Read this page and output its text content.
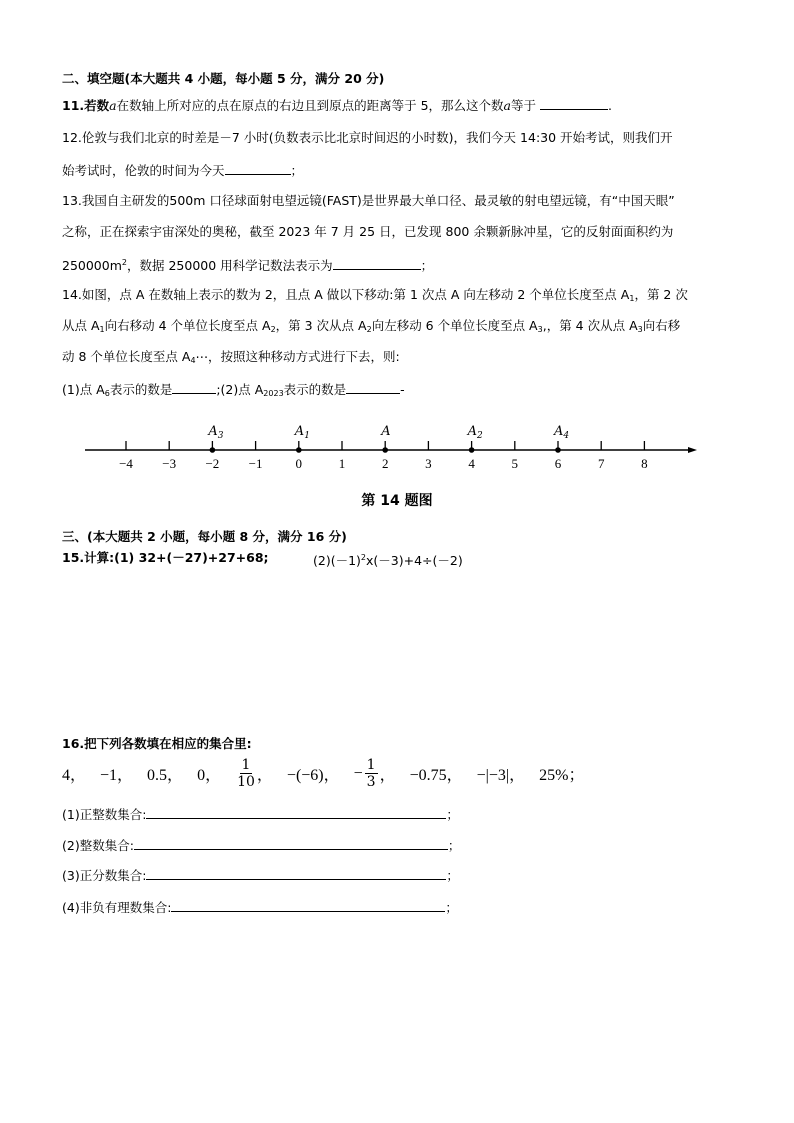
二、填空题(本大题共 4 小题，每小题 5 分，满分 20 分)
11.若数a在数轴上所对应的点在原点的右边且到原点的距离等于 5，那么这个数a等于	.
12.伦敦与我们北京的时差是－7 小时(负数表示比北京时间迟的小时数)，我们今天 14:30 开始考试，则我们开
始考试时，伦敦的时间为今天	；
13.我国自主研发的500m 口径球面射电望远镜(FAST)是世界最大单口径、最灵敏的射电望远镜，有“中国天眼”
之称，正在探索宇宙深处的奥秘，截至 2023 年 7 月 25 日，已发现 800 余颗新脉冲星，它的反射面面积约为
$250000m^2$，数据 250000 用科学记数法表示为	；
14.如图，点 A 在数轴上表示的数为 2，且点 A 做以下移动:第 1 次点 A 向左移动 2 个单位长度至点 $A_1$，第 2 次
从点 $A_1$向右移动 4 个单位长度至点 $A_2$，第 3 次从点 $A_2$向左移动 6 个单位长度至点 $A_3$,，第 4 次从点 $A_3$向右移
动 8 个单位长度至点 $A_4\cdots$，按照这种移动方式进行下去，则:
(1)点 $A_6$表示的数是	;(2)点 $A_{2023}$表示的数是	-
−4 −3 −2 −1	0	1	2	3	4	5	6	7	8
$A_3$	$A_1$	A	$A_2$	$A_4$
第 14 题图
三、(本大题共 2 小题，每小题 8 分，满分 16 分)
15.计算:(1) 32+(－27)+27+68;	$(2)(-1)^2x(-3)+4\div(-2)$
16.把下列各数填在相应的集合里:
4， −1， 0.5， 0， $\frac{1}{10}$ ， −(−6)， − $\frac{1}{3}$ ， −0.75， −|−3|， 25%；
(1)正整数集合:	；
(2)整数集合:	；
(3)正分数集合:	；
(4)非负有理数集合:	；
